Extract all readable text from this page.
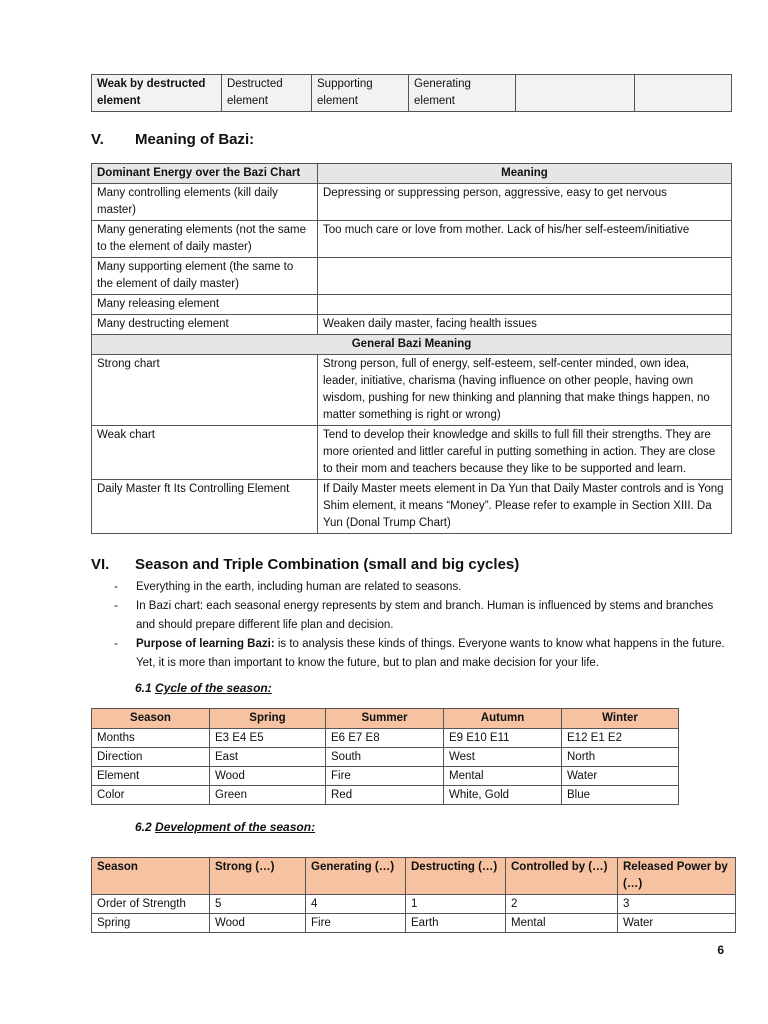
Weak by destructed element	Destructed element	Supporting element	Generating element		
V.	Meaning of Bazi:
Dominant Energy over the Bazi Chart	Meaning
Many controlling elements (kill daily master)	Depressing or suppressing person, aggressive, easy to get nervous
Many generating elements (not the same to the element of daily master)	Too much care or love from mother. Lack of his/her self-esteem/initiative
Many supporting element (the same to the element of daily master)	
Many releasing element	
Many destructing element	Weaken daily master, facing health issues
General Bazi Meaning	
Strong chart	Strong person, full of energy, self-esteem, self-center minded, own idea, leader, initiative, charisma (having influence on other people, having own wisdom, pushing for new thinking and planning that make things happen, no matter something is right or wrong)
Weak chart	Tend to develop their knowledge and skills to full fill their strengths. They are more oriented and littler careful in putting something in action. They are close to their mom and teachers because they like to be supported and learn.
Daily Master ft Its Controlling Element	If Daily Master meets element in Da Yun that Daily Master controls and is Yong Shim element, it means “Money”. Please refer to example in Section XIII. Da Yun (Donal Trump Chart)
VI.	Season and Triple Combination (small and big cycles)
- Everything in the earth, including human are related to seasons.
- In Bazi chart: each seasonal energy represents by stem and branch. Human is influenced by stems and branches and should prepare different life plan and decision.
- Purpose of learning Bazi: is to analysis these kinds of things. Everyone wants to know what happens in the future. Yet, it is more than important to know the future, but to plan and make decision for your life.
6.1 Cycle of the season:
Season	Spring	Summer	Autumn	Winter
Months	E3 E4 E5	E6 E7 E8	E9 E10 E11	E12 E1 E2
Direction	East	South	West	North
Element	Wood	Fire	Mental	Water
Color	Green	Red	White, Gold	Blue
6.2 Development of the season:
Season	Strong (…)	Generating (…)	Destructing (…)	Controlled by (…)	Released Power by (…)
Order of Strength	5	4	1	2	3
Spring	Wood	Fire	Earth	Mental	Water
6
